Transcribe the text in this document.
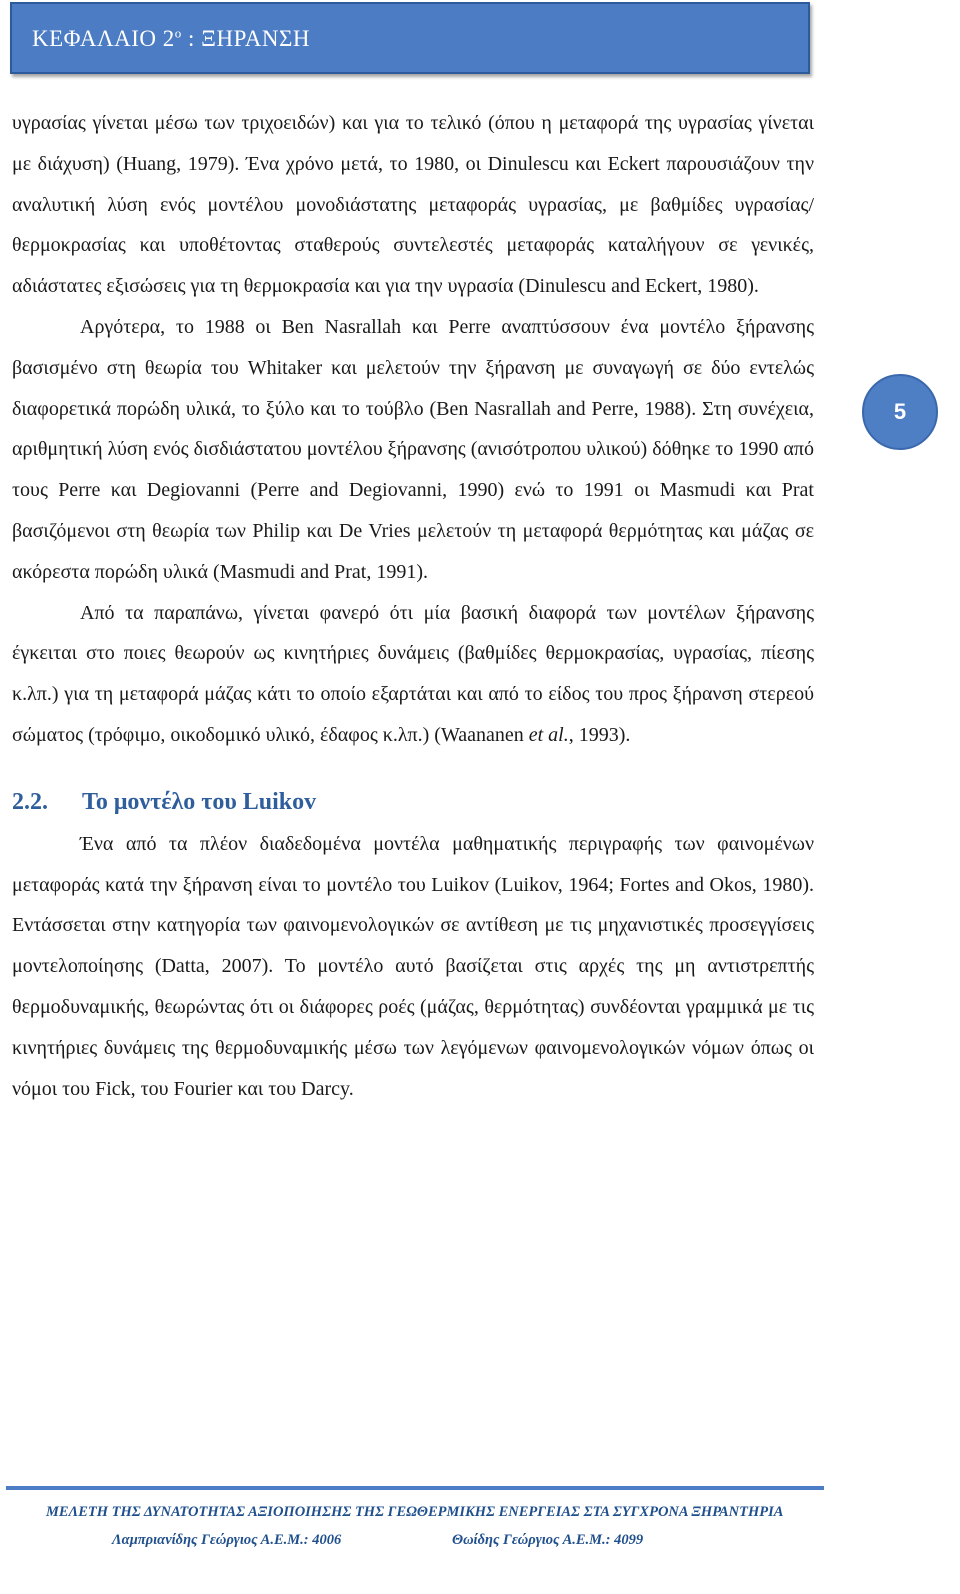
ΚΕΦΑΛΑΙΟ $2^o$ : ΞΗΡΑΝΣΗ
5

υγρασίας γίνεται μέσω των τριχοειδών) και για το τελικό (όπου η μεταφορά της υγρασίας γίνεται με διάχυση) (Huang, 1979). Ένα χρόνο μετά, το 1980, οι Dinulescu και Eckert παρουσιάζουν την αναλυτική λύση ενός μοντέλου μονοδιάστατης μεταφοράς υγρασίας, με βαθμίδες υγρασίας/θερμοκρασίας και υποθέτοντας σταθερούς συντελεστές μεταφοράς καταλήγουν σε γενικές, αδιάστατες εξισώσεις για τη θερμοκρασία και για την υγρασία (Dinulescu and Eckert, 1980).

Αργότερα, το 1988 οι Ben Nasrallah και Perre αναπτύσσουν ένα μοντέλο ξήρανσης βασισμένο στη θεωρία του Whitaker και μελετούν την ξήρανση με συναγωγή σε δύο εντελώς διαφορετικά πορώδη υλικά, το ξύλο και το τούβλο (Ben Nasrallah and Perre, 1988). Στη συνέχεια, αριθμητική λύση ενός δισδιάστατου μοντέλου ξήρανσης (ανισότροπου υλικού) δόθηκε το 1990 από τους Perre και Degiovanni (Perre and Degiovanni, 1990) ενώ το 1991 οι Masmudi και Prat βασιζόμενοι στη θεωρία των Philip και De Vries μελετούν τη μεταφορά θερμότητας και μάζας σε ακόρεστα πορώδη υλικά (Masmudi and Prat, 1991).

Από τα παραπάνω, γίνεται φανερό ότι μία βασική διαφορά των μοντέλων ξήρανσης έγκειται στο ποιες θεωρούν ως κινητήριες δυνάμεις (βαθμίδες θερμοκρασίας, υγρασίας, πίεσης κ.λπ.) για τη μεταφορά μάζας κάτι το οποίο εξαρτάται και από το είδος του προς ξήρανση στερεού σώματος (τρόφιμο, οικοδομικό υλικό, έδαφος κ.λπ.) (Waananen et al., 1993).

2.2. Το μοντέλο του Luikov

Ένα από τα πλέον διαδεδομένα μοντέλα μαθηματικής περιγραφής των φαινομένων μεταφοράς κατά την ξήρανση είναι το μοντέλο του Luikov (Luikov, 1964; Fortes and Okos, 1980). Εντάσσεται στην κατηγορία των φαινομενολογικών σε αντίθεση με τις μηχανιστικές προσεγγίσεις μοντελοποίησης (Datta, 2007). Το μοντέλο αυτό βασίζεται στις αρχές της μη αντιστρεπτής θερμοδυναμικής, θεωρώντας ότι οι διάφορες ροές (μάζας, θερμότητας) συνδέονται γραμμικά με τις κινητήριες δυνάμεις της θερμοδυναμικής μέσω των λεγόμενων φαινομενολογικών νόμων όπως οι νόμοι του Fick, του Fourier και του Darcy.

ΜΕΛΕΤΗ ΤΗΣ ΔΥΝΑΤΟΤΗΤΑΣ ΑΞΙΟΠΟΙΗΣΗΣ ΤΗΣ ΓΕΩΘΕΡΜΙΚΗΣ ΕΝΕΡΓΕΙΑΣ ΣΤΑ ΣΥΓΧΡΟΝΑ ΞΗΡΑΝΤΗΡΙΑ
Λαμπριανίδης Γεώργιος Α.Ε.Μ.: 4006	Θωίδης Γεώργιος Α.Ε.Μ.: 4099
